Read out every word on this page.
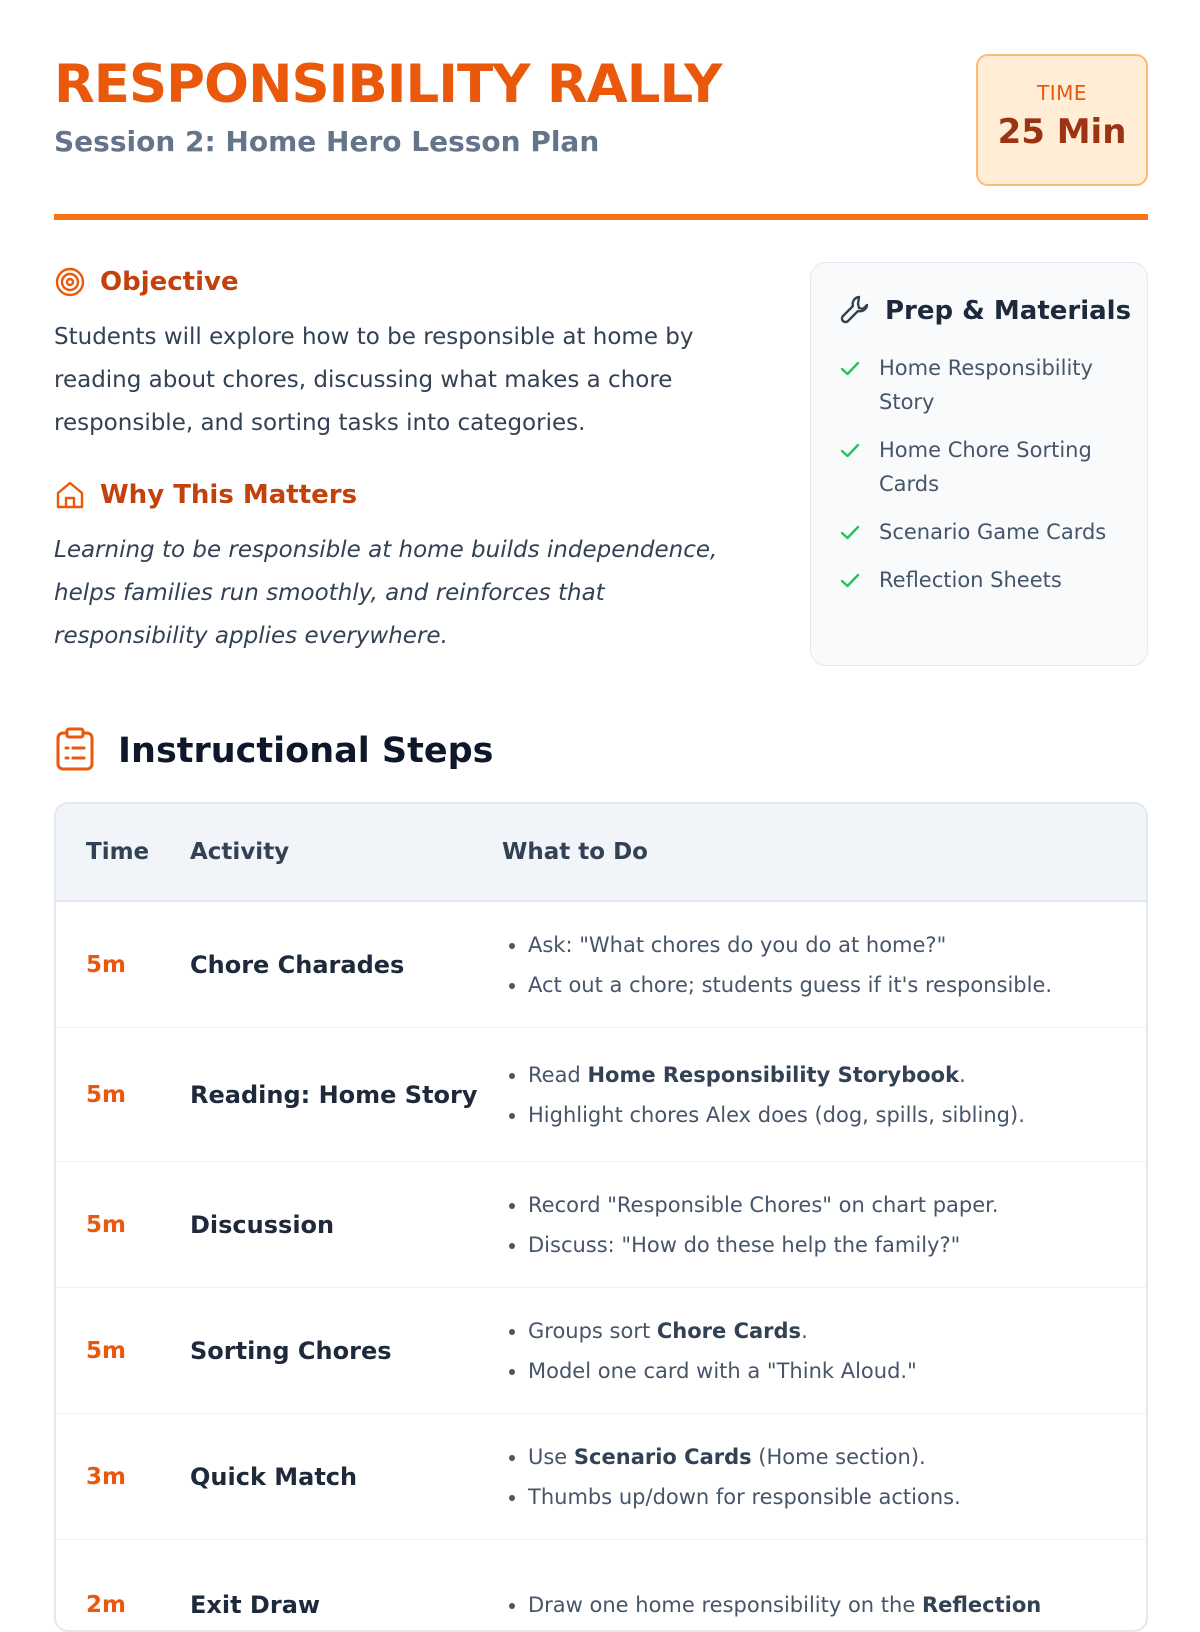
RESPONSIBILITY RALLY
Session 2: Home Hero Lesson Plan
TIME
25 Min
Objective
Students will explore how to be responsible at home by reading about chores, discussing what makes a chore responsible, and sorting tasks into categories.
Why This Matters
Learning to be responsible at home builds independence, helps families run smoothly, and reinforces that responsibility applies everywhere.
Prep & Materials
Home Responsibility Story
Home Chore Sorting Cards
Scenario Game Cards
Reflection Sheets
Instructional Steps
Time	Activity	What to Do
5m	Chore Charades
• Ask: "What chores do you do at home?"
• Act out a chore; students guess if it's responsible.
5m	Reading: Home Story
• Read Home Responsibility Storybook.
• Highlight chores Alex does (dog, spills, sibling).
5m	Discussion
• Record "Responsible Chores" on chart paper.
• Discuss: "How do these help the family?"
5m	Sorting Chores
• Groups sort Chore Cards.
• Model one card with a "Think Aloud."
3m	Quick Match
• Use Scenario Cards (Home section).
• Thumbs up/down for responsible actions.
2m	Exit Draw
•	Draw one home responsibility on the Reflection
